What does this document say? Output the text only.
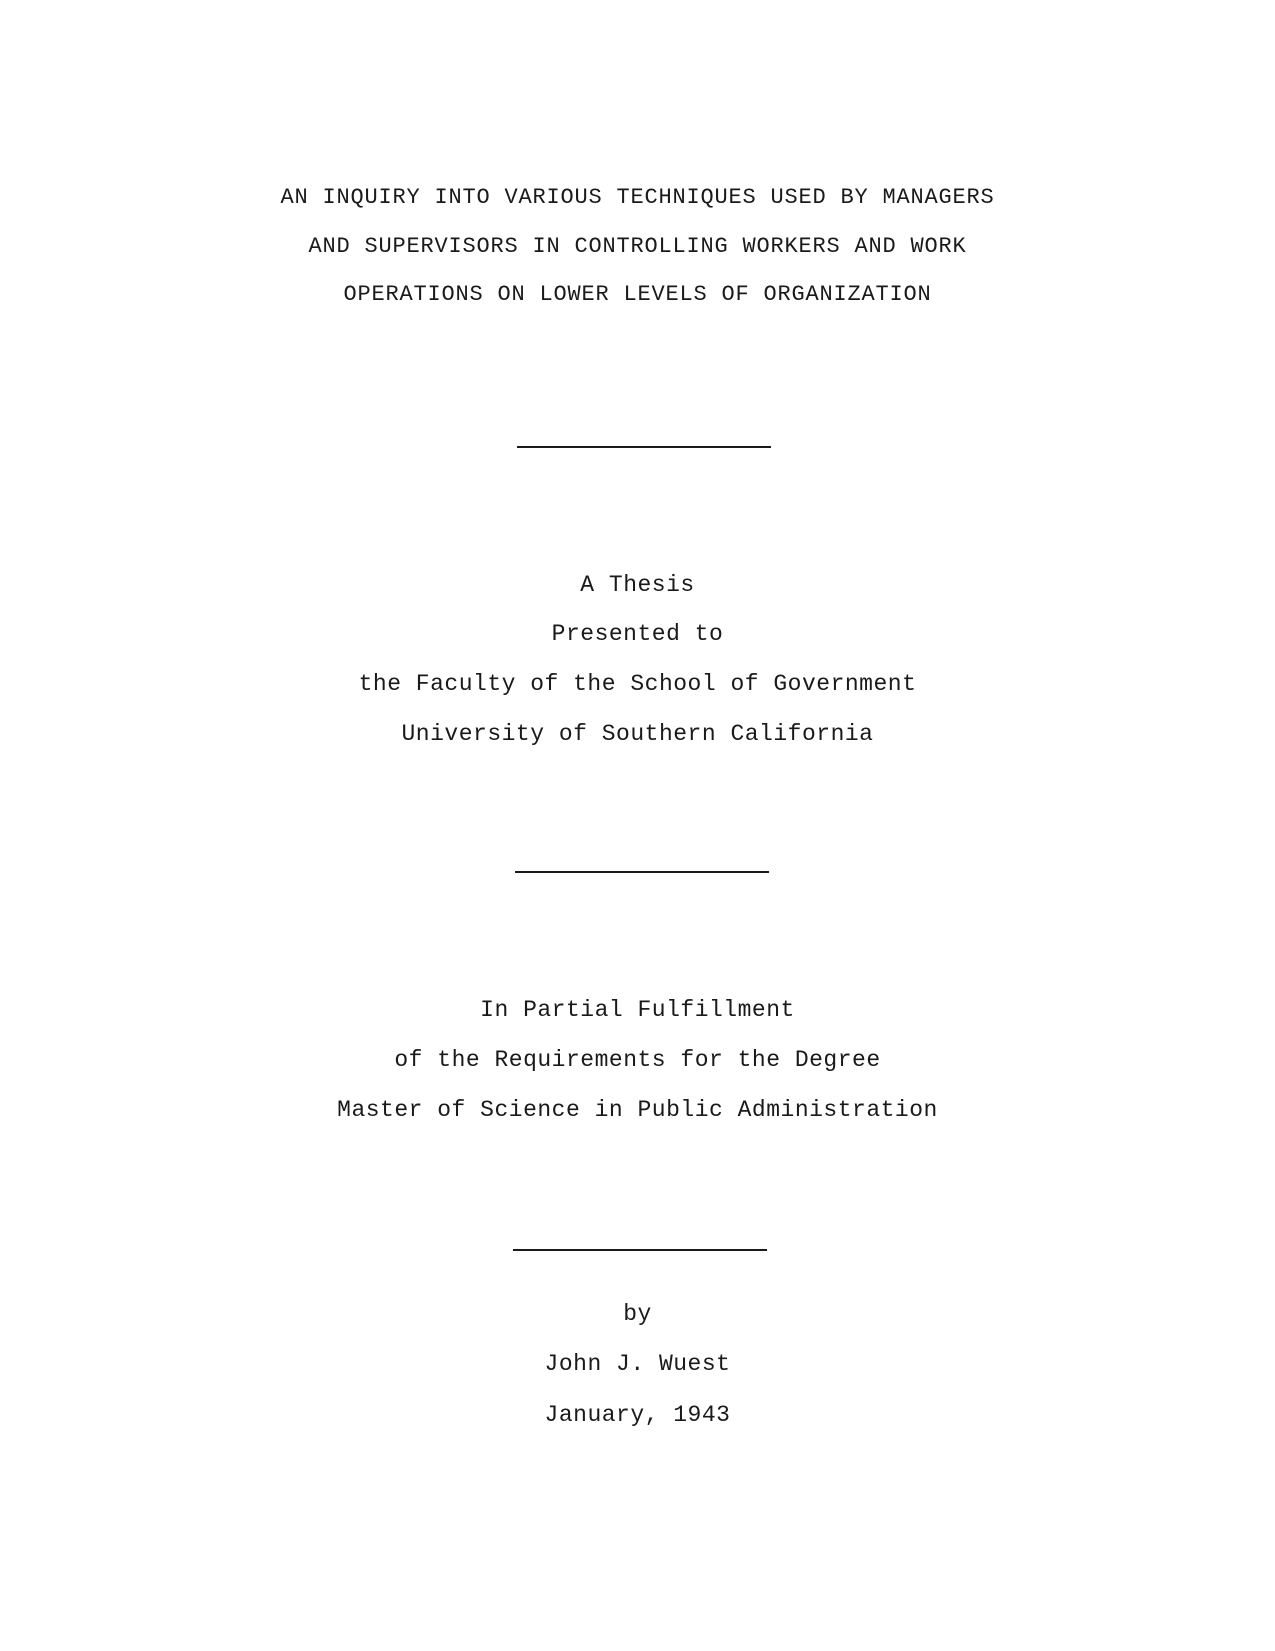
AN INQUIRY INTO VARIOUS TECHNIQUES USED BY MANAGERS
AND SUPERVISORS IN CONTROLLING WORKERS AND WORK
OPERATIONS ON LOWER LEVELS OF ORGANIZATION
A Thesis
Presented to
the Faculty of the School of Government
University of Southern California
In Partial Fulfillment
of the Requirements for the Degree
Master of Science in Public Administration
by
John J. Wuest
January, 1943
